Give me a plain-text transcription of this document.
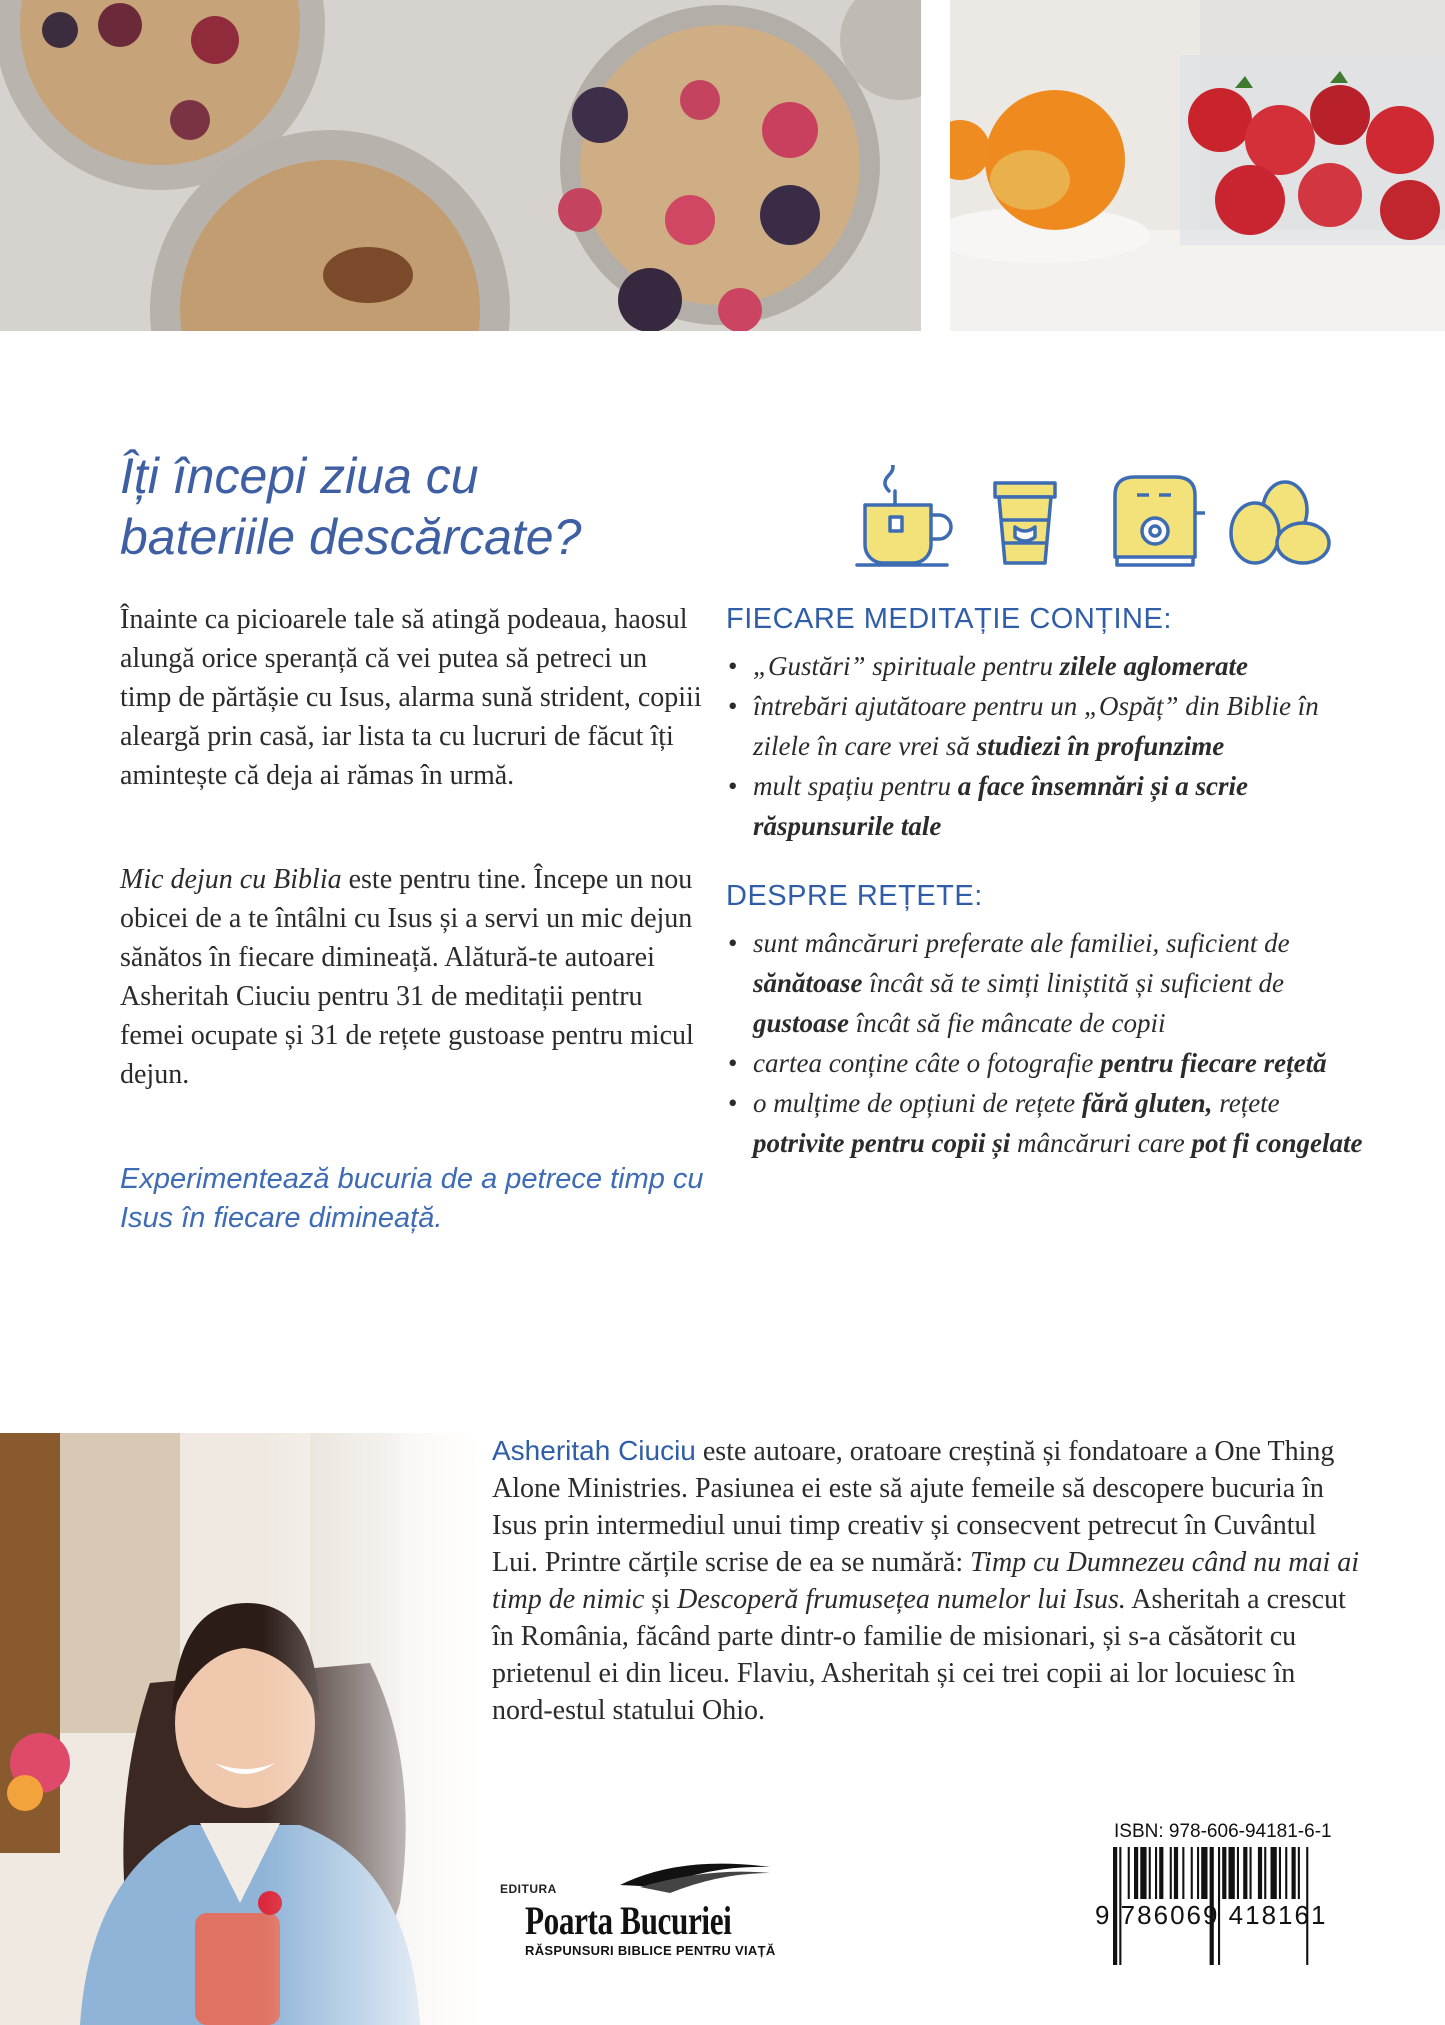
Îți începi ziua cu
bateriile descărcate?

Înainte ca picioarele tale să atingă podeaua, haosul alungă orice speranță că vei putea să petreci un timp de părtășie cu Isus, alarma sună strident, copiii aleargă prin casă, iar lista ta cu lucruri de făcut îți amintește că deja ai rămas în urmă.

Mic dejun cu Biblia este pentru tine. Începe un nou obicei de a te întâlni cu Isus și a servi un mic dejun sănătos în fiecare dimineață. Alătură-te autoarei Asheritah Ciuciu pentru 31 de meditații pentru femei ocupate și 31 de rețete gustoase pentru micul dejun.

Experimentează bucuria de a petrece timp cu Isus în fiecare dimineață.

FIECARE MEDITAȚIE CONȚINE:
• „Gustări” spirituale pentru zilele aglomerate
• întrebări ajutătoare pentru un „Ospăț” din Biblie în zilele în care vrei să studiezi în profunzime
• mult spațiu pentru a face însemnări și a scrie răspunsurile tale
DESPRE REȚETE:
• sunt mâncăruri preferate ale familiei, suficient de sănătoase încât să te simți liniștită și suficient de gustoase încât să fie mâncate de copii
• cartea conține câte o fotografie pentru fiecare rețetă
• o mulțime de opțiuni de rețete fără gluten, rețete potrivite pentru copii și mâncăruri care pot fi congelate

Asheritah Ciuciu este autoare, oratoare creștină și fondatoare a One Thing Alone Ministries. Pasiunea ei este să ajute femeile să descopere bucuria în Isus prin intermediul unui timp creativ și consecvent petrecut în Cuvântul Lui. Printre cărțile scrise de ea se numără: Timp cu Dumnezeu când nu mai ai timp de nimic și Descoperă frumusețea numelor lui Isus. Asheritah a crescut în România, făcând parte dintr-o familie de misionari, și s-a căsătorit cu prietenul ei din liceu. Flaviu, Asheritah și cei trei copii ai lor locuiesc în nord-estul statului Ohio.

EDITURA
Poarta Bucuriei
RĂSPUNSURI BIBLICE PENTRU VIAȚĂ
ISBN: 978-606-94181-6-1
9 786069 418161
